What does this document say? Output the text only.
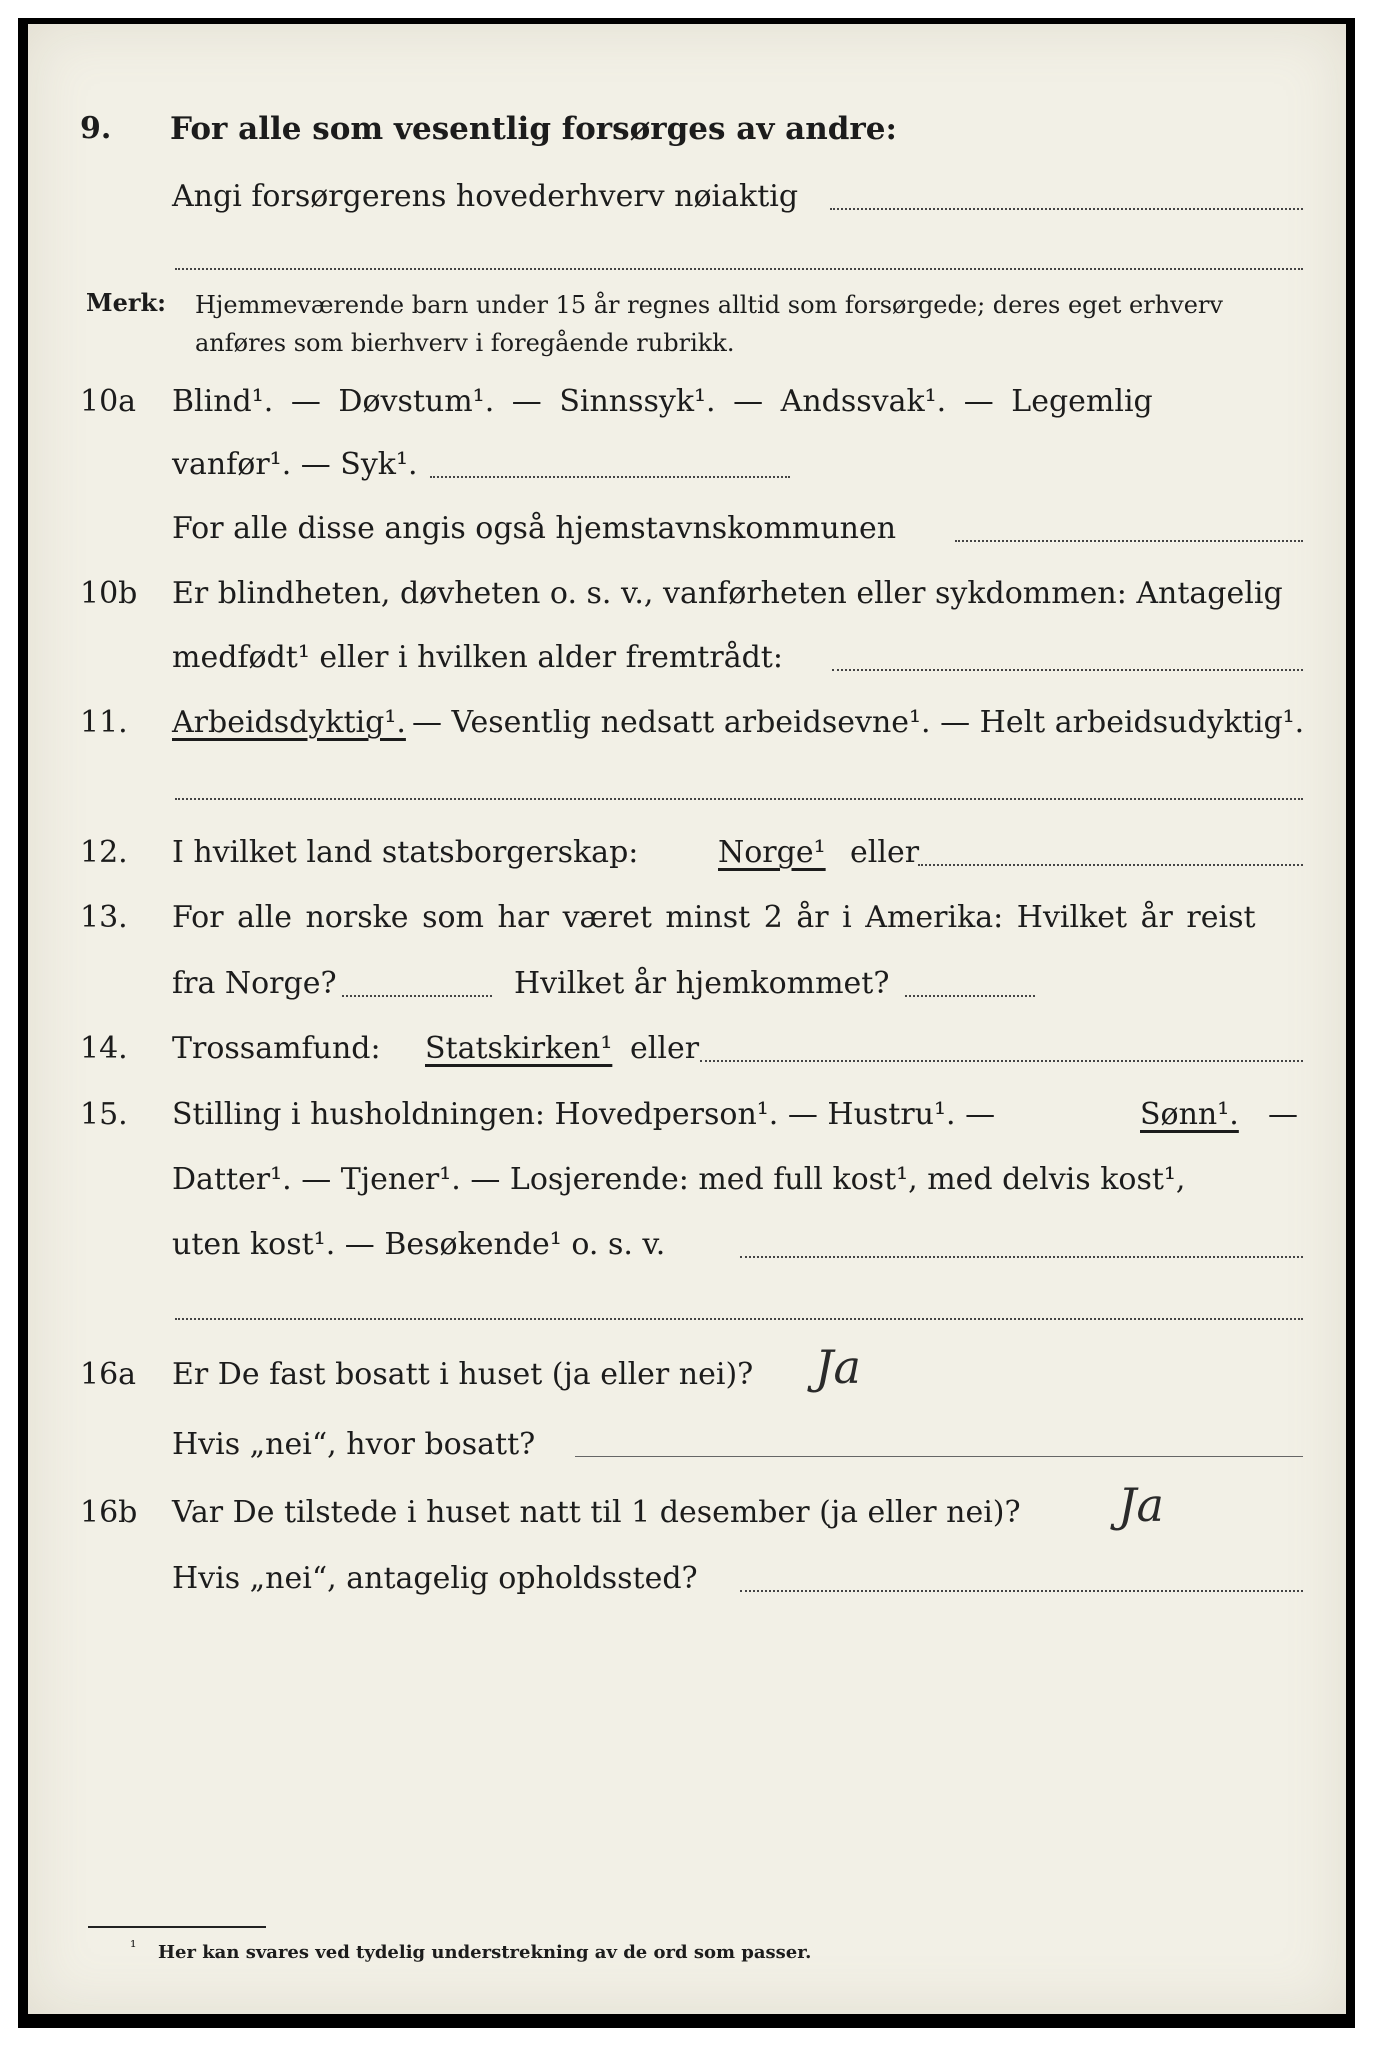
9. For alle som vesentlig forsørges av andre:
Angi forsørgerens hovederhverv nøiaktig
Merk: Hjemmeværende barn under 15 år regnes alltid som forsørgede; deres eget erhverv
anføres som bierhverv i foregående rubrikk.
10a Blind¹. — Døvstum¹. — Sinnssyk¹. — Andssvak¹. — Legemlig
vanfør¹. — Syk¹.
For alle disse angis også hjemstavnskommunen
10b Er blindheten, døvheten o. s. v., vanførheten eller sykdommen: Antagelig
medfødt¹ eller i hvilken alder fremtrådt:
11. Arbeidsdyktig¹. — Vesentlig nedsatt arbeidsevne¹. — Helt arbeidsudyktig¹.
12. I hvilket land statsborgerskap:	Norge¹ eller
13. For alle norske som har været minst 2 år i Amerika: Hvilket år reist
fra Norge?	Hvilket år hjemkommet?
14. Trossamfund: Statskirken¹ eller
15. Stilling i husholdningen: Hovedperson¹. — Hustru¹. —	Sønn¹. —
Datter¹. — Tjener¹. — Losjerende: med full kost¹, med delvis kost¹,
uten kost¹. — Besøkende¹ o. s. v.
16a Er De fast bosatt i huset (ja eller nei)? Ja
Hvis „nei“, hvor bosatt?
16b Var De tilstede i huset natt til 1 desember (ja eller nei)? Ja
Hvis „nei“, antagelig opholdssted?
¹ Her kan svares ved tydelig understrekning av de ord som passer.
